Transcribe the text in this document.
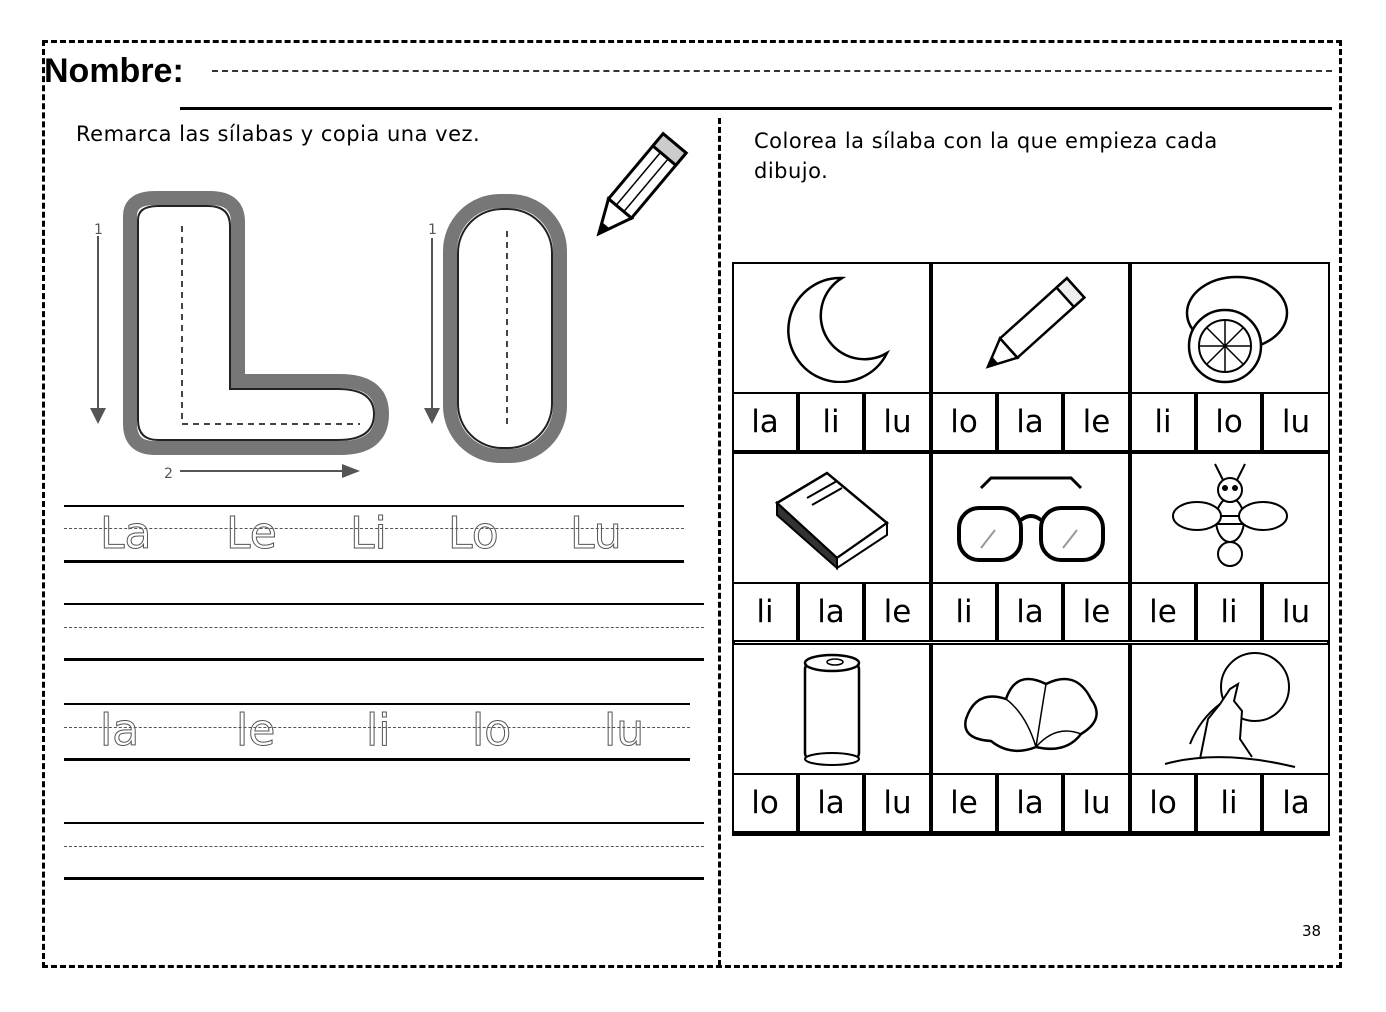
Nombre:
Remarca las sílabas y copia una vez.
1
2
1
La Le Li Lo Lu
la le li lo lu
Colorea la sílaba con la que empieza cada
dibujo.
la	li	lu	lo	la	le	li	lo	lu
li	la	le	li	la	le	le	li	lu
lo	la	lu	le	la	lu	lo	li	la
38
